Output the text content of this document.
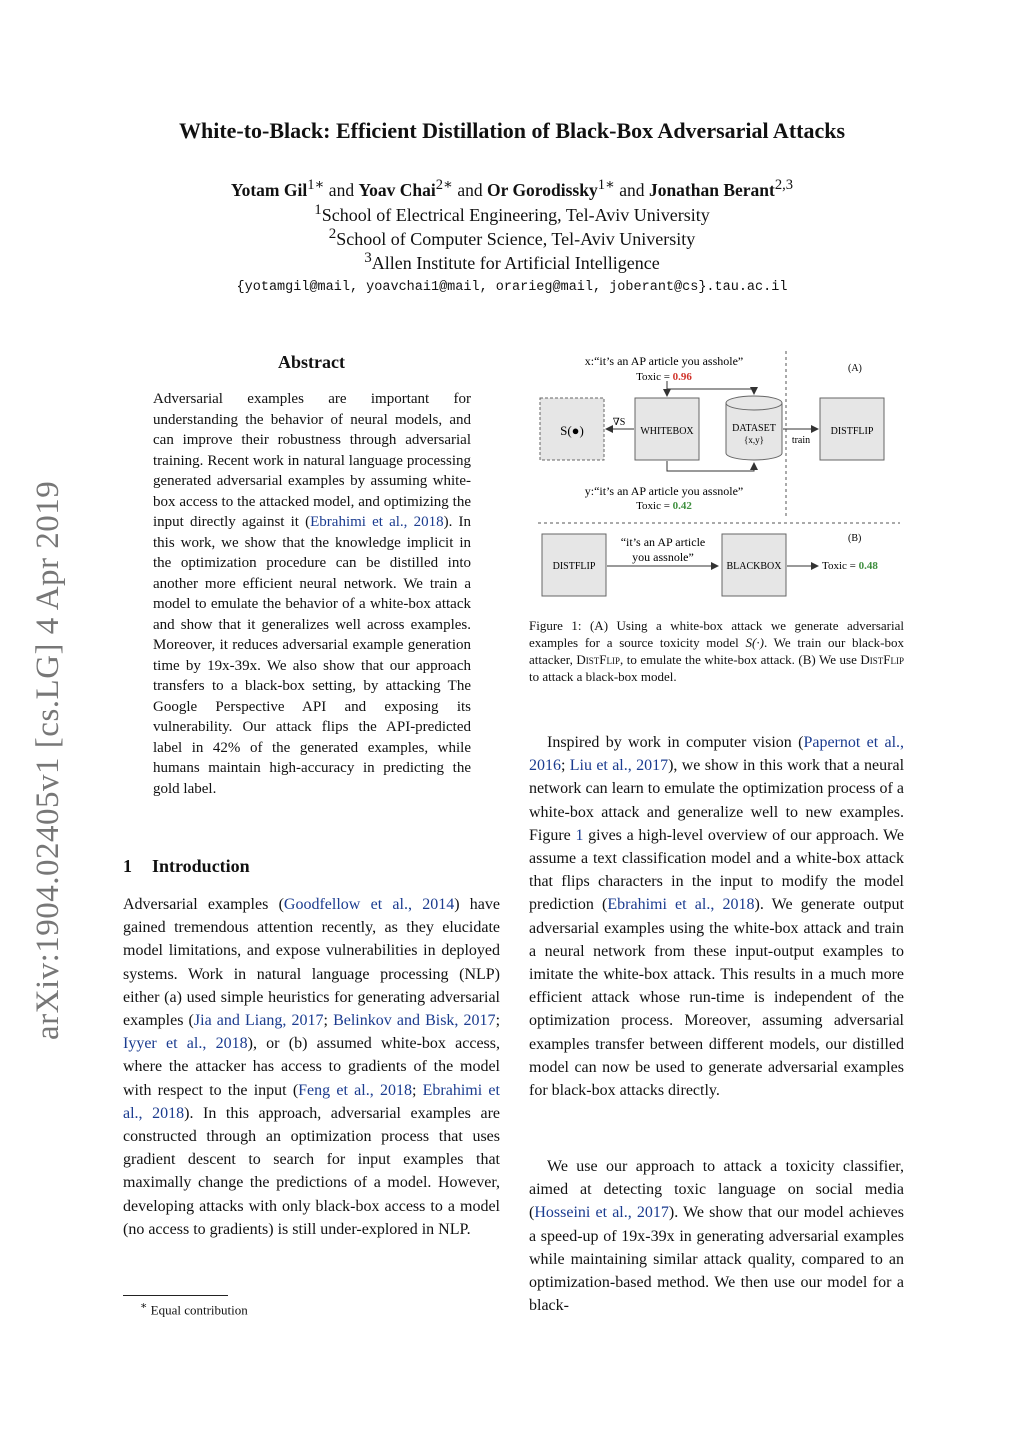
White-to-Black: Efficient Distillation of Black-Box Adversarial Attacks
Yotam Gil$^{1∗}$ and Yoav Chai$^{2∗}$ and Or Gorodissky$^{1∗}$ and Jonathan Berant$^{2,3}$
$^1$School of Electrical Engineering, Tel-Aviv University
$^2$School of Computer Science, Tel-Aviv University
$^3$Allen Institute for Artificial Intelligence
{yotamgil@mail, yoavchai1@mail, orarieg@mail, joberant@cs}.tau.ac.il
arXiv:1904.02405v1 [cs.LG] 4 Apr 2019
Abstract
Adversarial examples are important for understanding the behavior of neural models, and can improve their robustness through adversarial training. Recent work in natural language processing generated adversarial examples by assuming white-box access to the attacked model, and optimizing the input directly against it (Ebrahimi et al., 2018). In this work, we show that the knowledge implicit in the optimization procedure can be distilled into another more efficient neural network. We train a model to emulate the behavior of a white-box attack and show that it generalizes well across examples. Moreover, it reduces adversarial example generation time by 19x-39x. We also show that our approach transfers to a black-box setting, by attacking The Google Perspective API and exposing its vulnerability. Our attack flips the API-predicted label in 42% of the generated examples, while humans maintain high-accuracy in predicting the gold label.
1 Introduction
Adversarial examples (Goodfellow et al., 2014) have gained tremendous attention recently, as they elucidate model limitations, and expose vulnerabilities in deployed systems. Work in natural language processing (NLP) either (a) used simple heuristics for generating adversarial examples (Jia and Liang, 2017; Belinkov and Bisk, 2017; Iyyer et al., 2018), or (b) assumed white-box access, where the attacker has access to gradients of the model with respect to the input (Feng et al., 2018; Ebrahimi et al., 2018). In this approach, adversarial examples are constructed through an optimization process that uses gradient descent to search for input examples that maximally change the predictions of a model. However, developing attacks with only black-box access to a model (no access to gradients) is still under-explored in NLP.
∗ Equal contribution
(A)
(B)
x:“it’s an AP article you asshole”
Toxic = 0.96
S(●)	WHITEBOX
∇S
DATASET
{x,y}
DISTFLIP
train
y:“it’s an AP article you assnole”
Toxic = 0.42
DISTFLIP
“it’s an AP article
you assnole”
BLACKBOX	Toxic = 0.48
Figure 1: (A) Using a white-box attack we generate adversarial examples for a source toxicity model S(·). We train our black-box attacker, DistFlip, to emulate the white-box attack. (B) We use DistFlip to attack a black-box model.
Inspired by work in computer vision (Papernot et al., 2016; Liu et al., 2017), we show in this work that a neural network can learn to emulate the optimization process of a white-box attack and generalize well to new examples. Figure 1 gives a high-level overview of our approach. We assume a text classification model and a white-box attack that flips characters in the input to modify the model prediction (Ebrahimi et al., 2018). We generate output adversarial examples using the white-box attack and train a neural network from these input-output examples to imitate the white-box attack. This results in a much more efficient attack whose run-time is independent of the optimization process. Moreover, assuming adversarial examples transfer between different models, our distilled model can now be used to generate adversarial examples for black-box attacks directly.
We use our approach to attack a toxicity classifier, aimed at detecting toxic language on social media (Hosseini et al., 2017). We show that our model achieves a speed-up of 19x-39x in generating adversarial examples while maintaining similar attack quality, compared to an optimization-based method. We then use our model for a black-
